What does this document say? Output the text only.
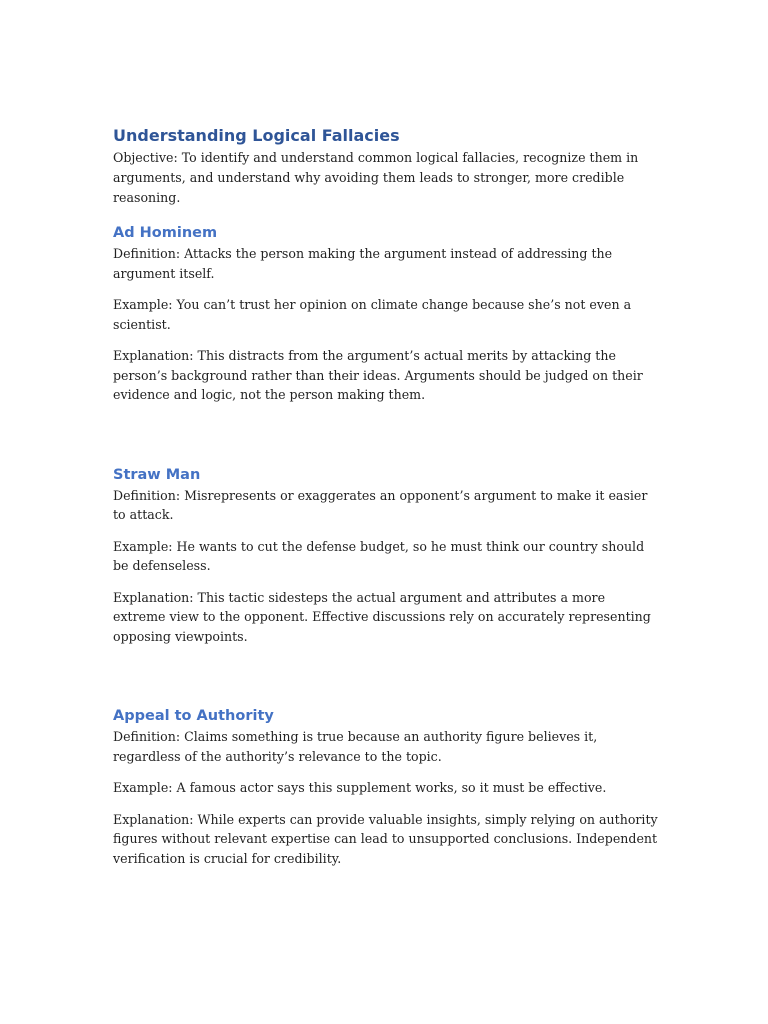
Understanding Logical Fallacies

Objective: To identify and understand common logical fallacies, recognize them in arguments, and understand why avoiding them leads to stronger, more credible reasoning.

Ad Hominem

Definition: Attacks the person making the argument instead of addressing the argument itself.

Example: You can’t trust her opinion on climate change because she’s not even a scientist.

Explanation: This distracts from the argument’s actual merits by attacking the person’s background rather than their ideas. Arguments should be judged on their evidence and logic, not the person making them.

Straw Man

Definition: Misrepresents or exaggerates an opponent’s argument to make it easier to attack.

Example: He wants to cut the defense budget, so he must think our country should be defenseless.

Explanation: This tactic sidesteps the actual argument and attributes a more extreme view to the opponent. Effective discussions rely on accurately representing opposing viewpoints.

Appeal to Authority

Definition: Claims something is true because an authority figure believes it, regardless of the authority’s relevance to the topic.

Example: A famous actor says this supplement works, so it must be effective.

Explanation: While experts can provide valuable insights, simply relying on authority figures without relevant expertise can lead to unsupported conclusions. Independent verification is crucial for credibility.
